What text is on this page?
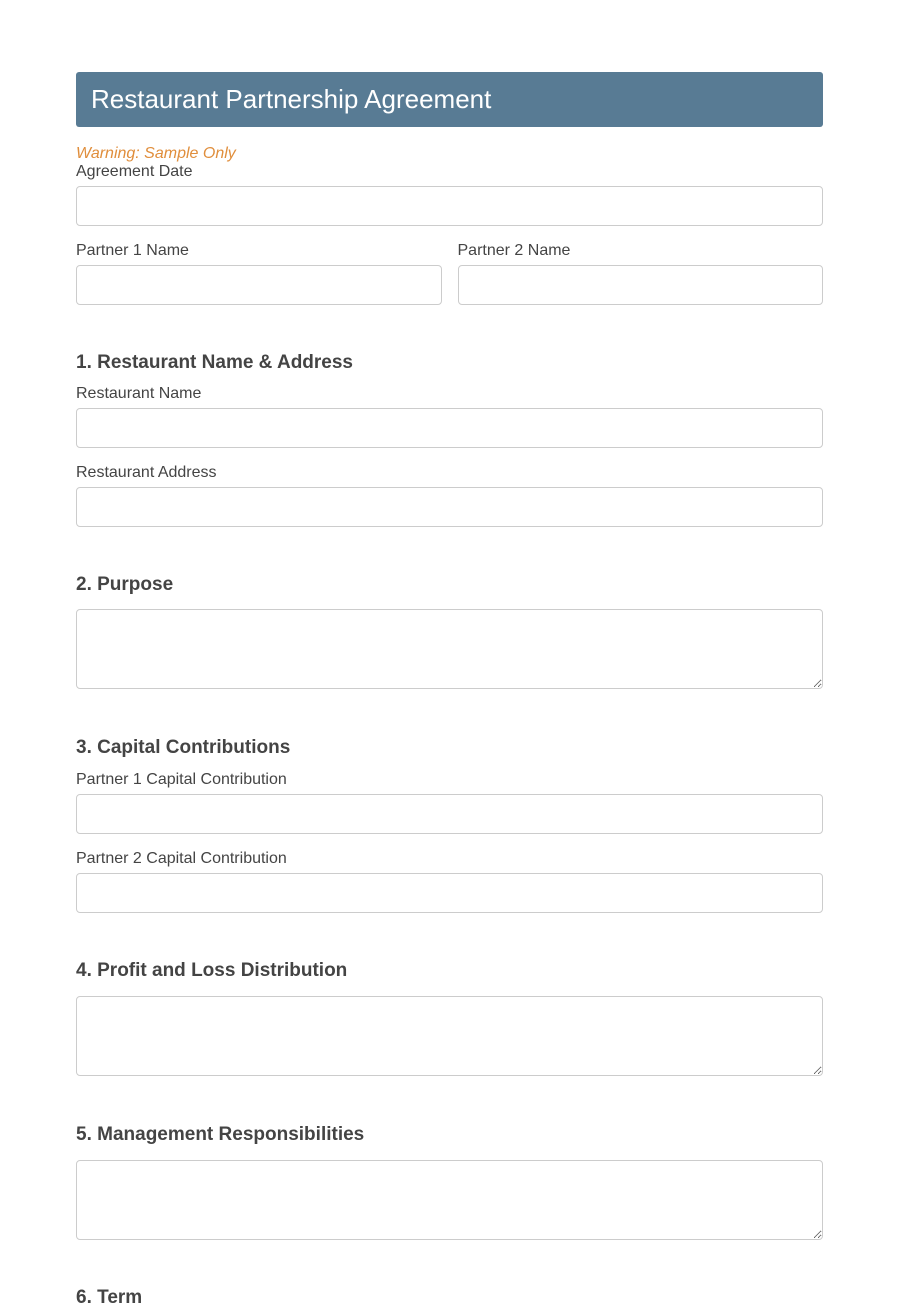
Restaurant Partnership Agreement
Warning: Sample Only
Agreement Date
Partner 1 Name	Partner 2 Name
1. Restaurant Name & Address
Restaurant Name
Restaurant Address
2. Purpose
3. Capital Contributions
Partner 1 Capital Contribution
Partner 2 Capital Contribution
4. Profit and Loss Distribution
5. Management Responsibilities
6. Term
